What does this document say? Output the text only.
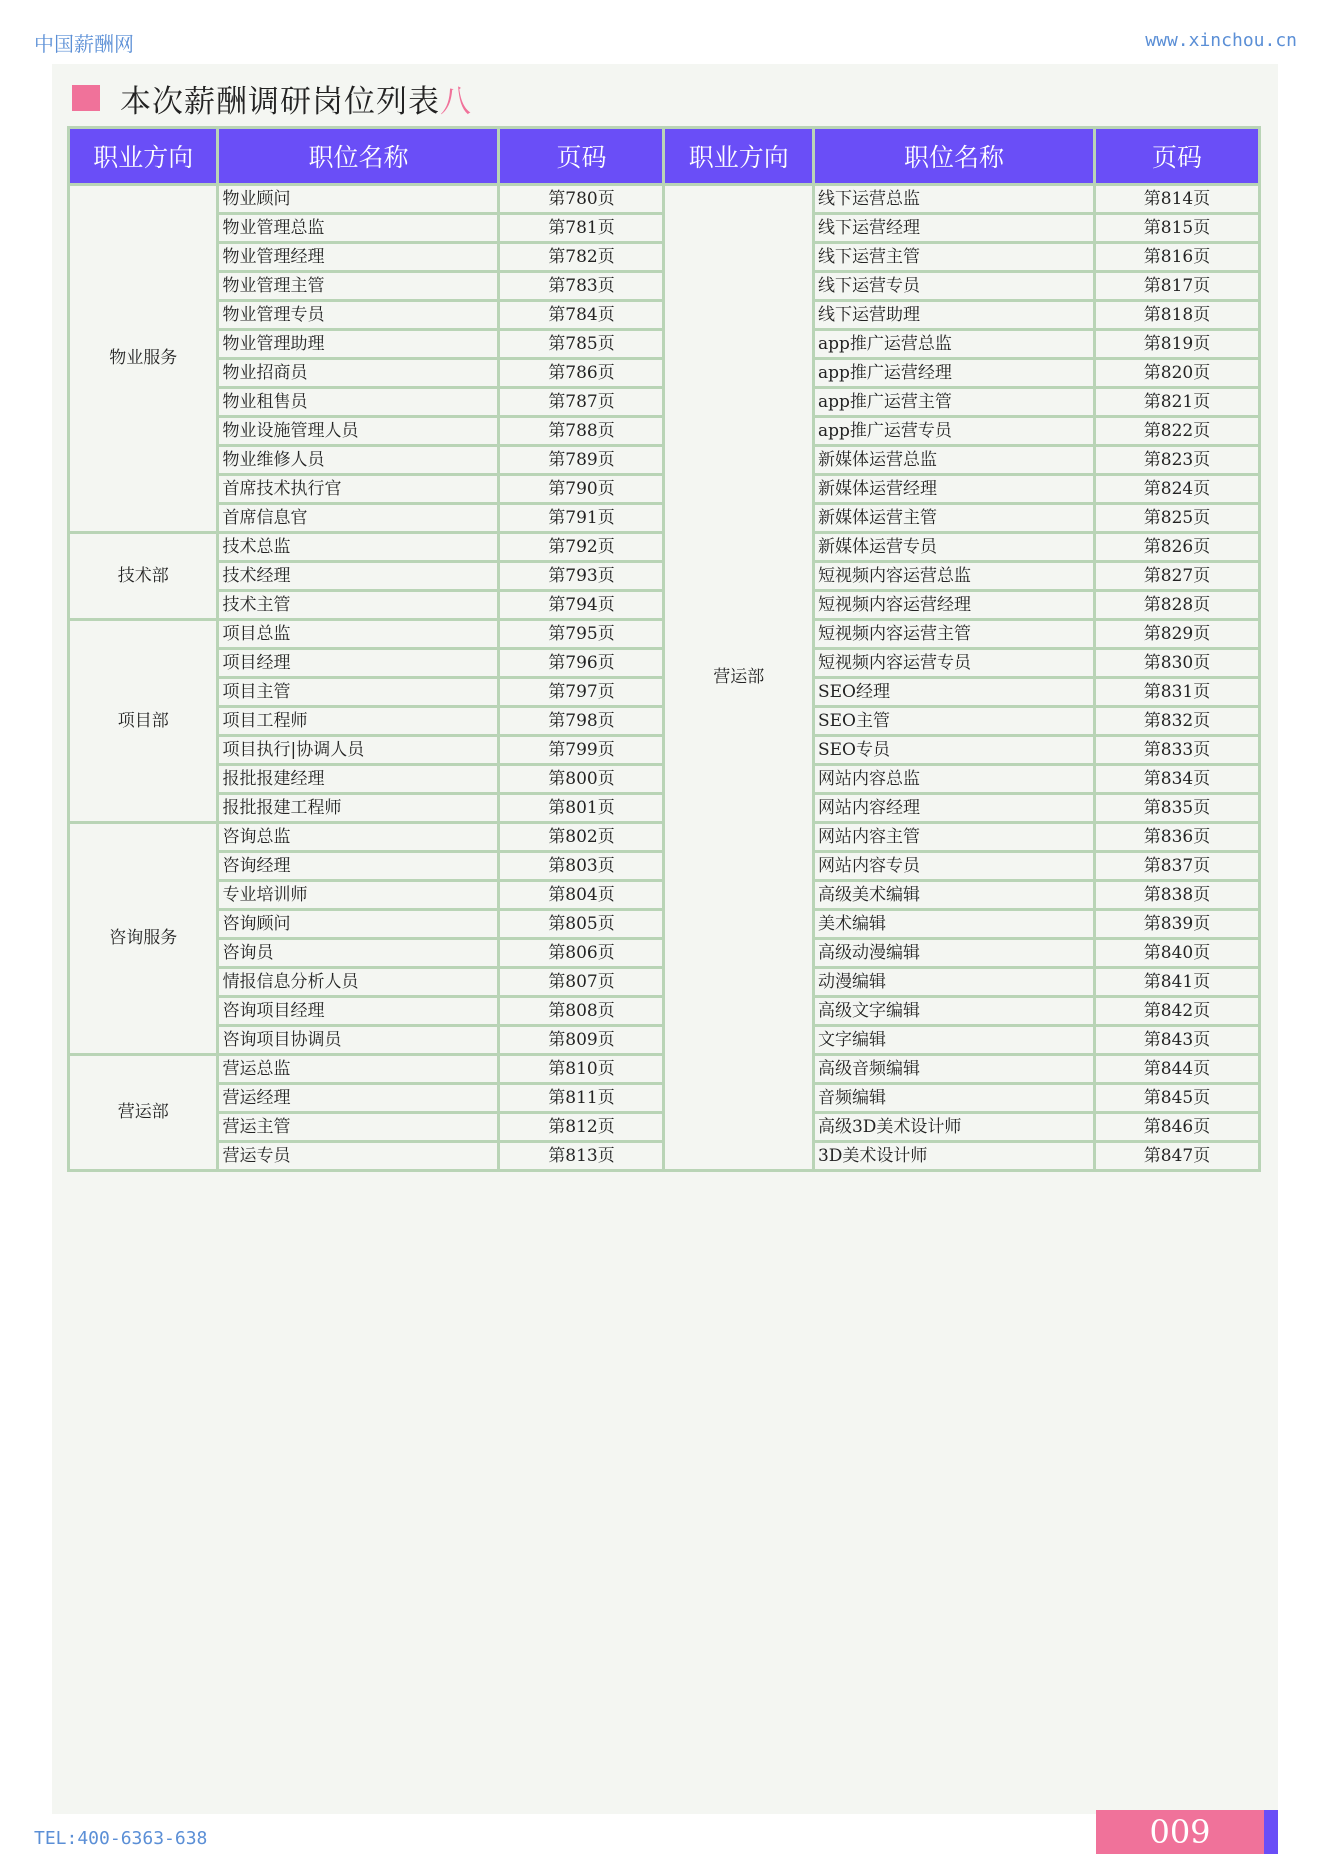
中国薪酬网	www.xinchou.cn
本次薪酬调研岗位列表八
职业方向	职位名称	页码	职业方向	职位名称	页码
物业服务	物业顾问	第780页	营运部	线下运营总监	第814页
	物业管理总监	第781页		线下运营经理	第815页
	物业管理经理	第782页		线下运营主管	第816页
	物业管理主管	第783页		线下运营专员	第817页
	物业管理专员	第784页		线下运营助理	第818页
	物业管理助理	第785页		app推广运营总监	第819页
	物业招商员	第786页		app推广运营经理	第820页
	物业租售员	第787页		app推广运营主管	第821页
	物业设施管理人员	第788页		app推广运营专员	第822页
	物业维修人员	第789页		新媒体运营总监	第823页
	首席技术执行官	第790页		新媒体运营经理	第824页
	首席信息官	第791页		新媒体运营主管	第825页
技术部	技术总监	第792页		新媒体运营专员	第826页
	技术经理	第793页		短视频内容运营总监	第827页
	技术主管	第794页		短视频内容运营经理	第828页
项目部	项目总监	第795页		短视频内容运营主管	第829页
	项目经理	第796页		短视频内容运营专员	第830页
	项目主管	第797页		SEO经理	第831页
	项目工程师	第798页		SEO主管	第832页
	项目执行|协调人员	第799页		SEO专员	第833页
	报批报建经理	第800页		网站内容总监	第834页
	报批报建工程师	第801页		网站内容经理	第835页
咨询服务	咨询总监	第802页		网站内容主管	第836页
	咨询经理	第803页		网站内容专员	第837页
	专业培训师	第804页		高级美术编辑	第838页
	咨询顾问	第805页		美术编辑	第839页
	咨询员	第806页		高级动漫编辑	第840页
	情报信息分析人员	第807页		动漫编辑	第841页
	咨询项目经理	第808页		高级文字编辑	第842页
	咨询项目协调员	第809页		文字编辑	第843页
营运部	营运总监	第810页		高级音频编辑	第844页
	营运经理	第811页		音频编辑	第845页
	营运主管	第812页		高级3D美术设计师	第846页
	营运专员	第813页		3D美术设计师	第847页
TEL:400-6363-638	009
